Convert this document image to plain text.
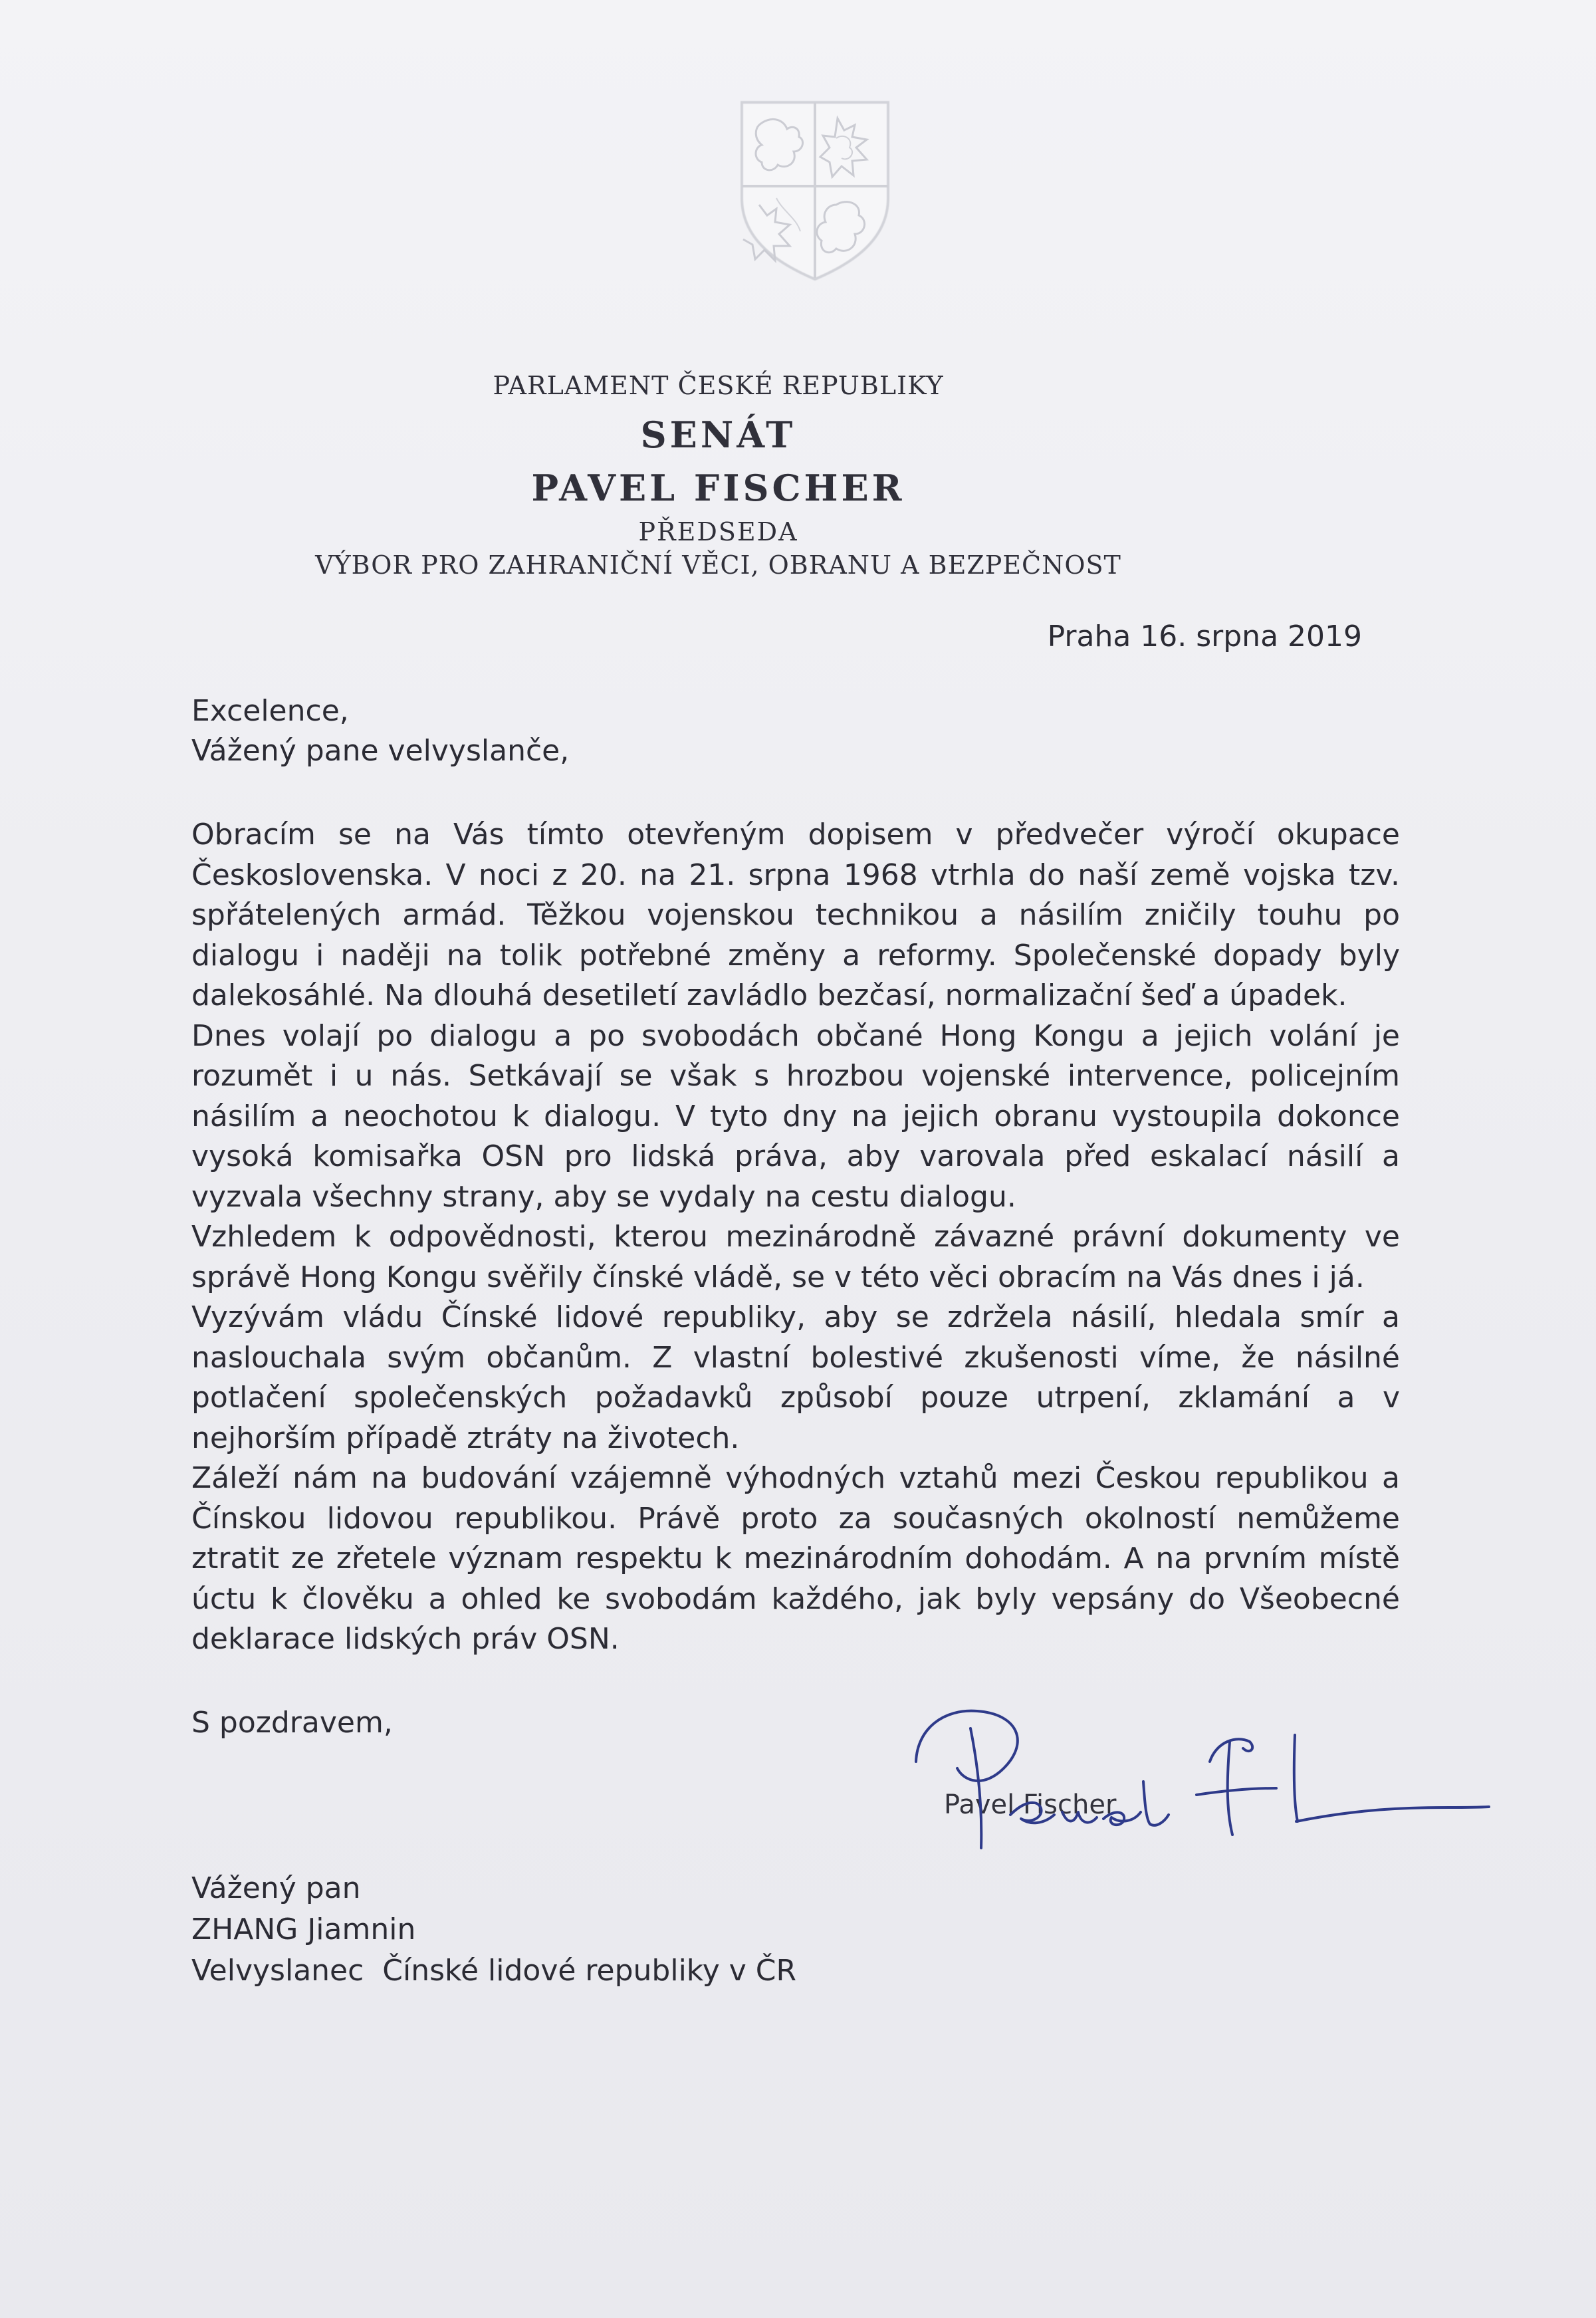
PARLAMENT ČESKÉ REPUBLIKY
SENÁT
PAVEL FISCHER
PŘEDSEDA
VÝBOR PRO ZAHRANIČNÍ VĚCI, OBRANU A BEZPEČNOST
Praha 16. srpna 2019
Excelence,
Vážený pane velvyslanče,

Obracím se na Vás tímto otevřeným dopisem v předvečer výročí okupace Československa. V noci z 20. na 21. srpna 1968 vtrhla do naší země vojska tzv. spřátelených armád. Těžkou vojenskou technikou a násilím zničily touhu po dialogu i naději na tolik potřebné změny a reformy. Společenské dopady byly dalekosáhlé. Na dlouhá desetiletí zavládlo bezčasí, normalizační šeď a úpadek.

Dnes volají po dialogu a po svobodách občané Hong Kongu a jejich volání je rozumět i u nás. Setkávají se však s hrozbou vojenské intervence, policejním násilím a neochotou k dialogu. V tyto dny na jejich obranu vystoupila dokonce vysoká komisařka OSN pro lidská práva, aby varovala před eskalací násilí a vyzvala všechny strany, aby se vydaly na cestu dialogu.

Vzhledem k odpovědnosti, kterou mezinárodně závazné právní dokumenty ve správě Hong Kongu svěřily čínské vládě, se v této věci obracím na Vás dnes i já.

Vyzývám vládu Čínské lidové republiky, aby se zdržela násilí, hledala smír a naslouchala svým občanům. Z vlastní bolestivé zkušenosti víme, že násilné potlačení společenských požadavků způsobí pouze utrpení, zklamání a v nejhorším případě ztráty na životech.

Záleží nám na budování vzájemně výhodných vztahů mezi Českou republikou a Čínskou lidovou republikou. Právě proto za současných okolností nemůžeme ztratit ze zřetele význam respektu k mezinárodním dohodám. A na prvním místě úctu k člověku a ohled ke svobodám každého, jak byly vepsány do Všeobecné deklarace lidských práv OSN.

S pozdravem,
Pavel Fischer
Vážený pan
ZHANG Jiamnin
Velvyslanec  Čínské lidové republiky v ČR
